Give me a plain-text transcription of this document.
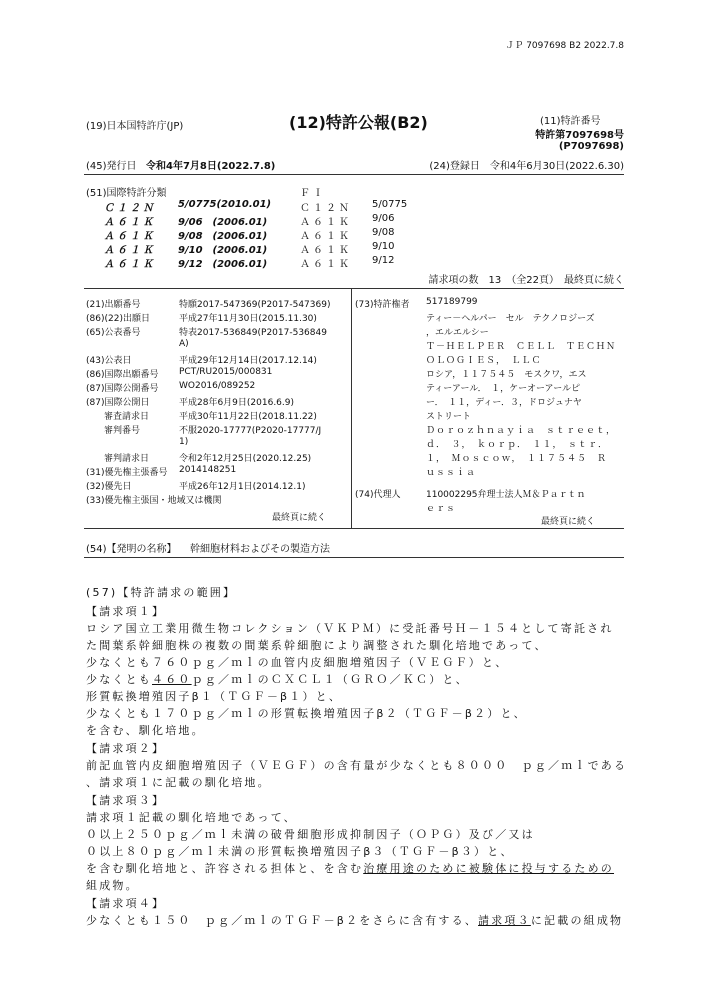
ＪＰ 7097698 B2 2022.7.8
(19)日本国特許庁(JP)	(12)特許公報(B2)	(11)特許番号
特許第7097698号
(P7097698)
(45)発行日 令和4年7月8日(2022.7.8)	(24)登録日　令和4年6月30日(2022.6.30)
(51)国際特許分類	ＦＩ
Ｃ１２Ｎ 5/0775(2010.01)	Ｃ１２Ｎ 5/0775
Ａ６１Ｋ 9/06　(2006.01)	Ａ６１Ｋ 9/06
Ａ６１Ｋ 9/08　(2006.01)	Ａ６１Ｋ 9/08
Ａ６１Ｋ 9/10　(2006.01)	Ａ６１Ｋ 9/10
Ａ６１Ｋ 9/12　(2006.01)	Ａ６１Ｋ 9/12
請求項の数　13　（全22頁）　最終頁に続く
(21)出願番号	特願2017-547369(P2017-547369)
(86)(22)出願日	平成27年11月30日(2015.11.30)
(65)公表番号	特表2017-536849(P2017-536849
A)
(43)公表日	平成29年12月14日(2017.12.14)
(86)国際出願番号 PCT/RU2015/000831
(87)国際公開番号 WO2016/089252
(87)国際公開日	平成28年6月9日(2016.6.9)
　　審査請求日	平成30年11月22日(2018.11.22)
　　審判番号	不服2020-17777(P2020-17777/J
1)
　　審判請求日	令和2年12月25日(2020.12.25)
(31)優先権主張番号 2014148251
(32)優先日	平成26年12月1日(2014.12.1)
(33)優先権主張国・地域又は機関
最終頁に続く
(73)特許権者 517189799
ティー－ヘルパー　セル　テクノロジーズ
，エルエルシー
Ｔ－ＨＥＬＰＥＲ　ＣＥＬＬ　ＴＥＣＨＮ
ＯＬＯＧＩＥＳ，　ＬＬＣ
ロシア，１１７５４５　モスクワ，エス
ティーアール．　１，ケーオーアールピ
ー．　１１，ディー．３，ドロジュナヤ
ストリート
Ｄｏｒｏｚｈｎａｙｉａ　ｓｔｒｅｅｔ，
ｄ．　３，　ｋｏｒｐ．　１１，　ｓｔｒ．
１，　Ｍｏｓｃｏｗ，　１１７５４５　Ｒ
ｕｓｓｉａ
(74)代理人	110002295弁理士法人Ｍ＆Ｐａｒｔｎ
ｅｒｓ
最終頁に続く
(54)【発明の名称】 幹細胞材料およびその製造方法
(57)【特許請求の範囲】
【請求項１】
ロシア国立工業用微生物コレクション（ＶＫＰＭ）に受託番号Ｈ－１５４として寄託され
た間葉系幹細胞株の複数の間葉系幹細胞により調整された馴化培地であって、
少なくとも７６０ｐｇ／ｍｌの血管内皮細胞増殖因子（ＶＥＧＦ）と、
少なくとも４６０ｐｇ／ｍｌのＣＸＣＬ１（ＧＲＯ／ＫＣ）と、
形質転換増殖因子β１（ＴＧＦ－β１）と、
少なくとも１７０ｐｇ／ｍｌの形質転換増殖因子β２（ＴＧＦ－β２）と、
を含む、馴化培地。
【請求項２】
前記血管内皮細胞増殖因子（ＶＥＧＦ）の含有量が少なくとも８０００　ｐｇ／ｍｌである
、請求項１に記載の馴化培地。
【請求項３】
請求項１記載の馴化培地であって、
０以上２５０ｐｇ／ｍｌ未満の破骨細胞形成抑制因子（ＯＰＧ）及び／又は
０以上８０ｐｇ／ｍｌ未満の形質転換増殖因子β３（ＴＧＦ－β３）と、
を含む馴化培地と、許容される担体と、を含む治療用途のために被験体に投与するための
組成物。
【請求項４】
少なくとも１５０　ｐｇ／ｍｌのＴＧＦ－β２をさらに含有する、請求項３に記載の組成物
